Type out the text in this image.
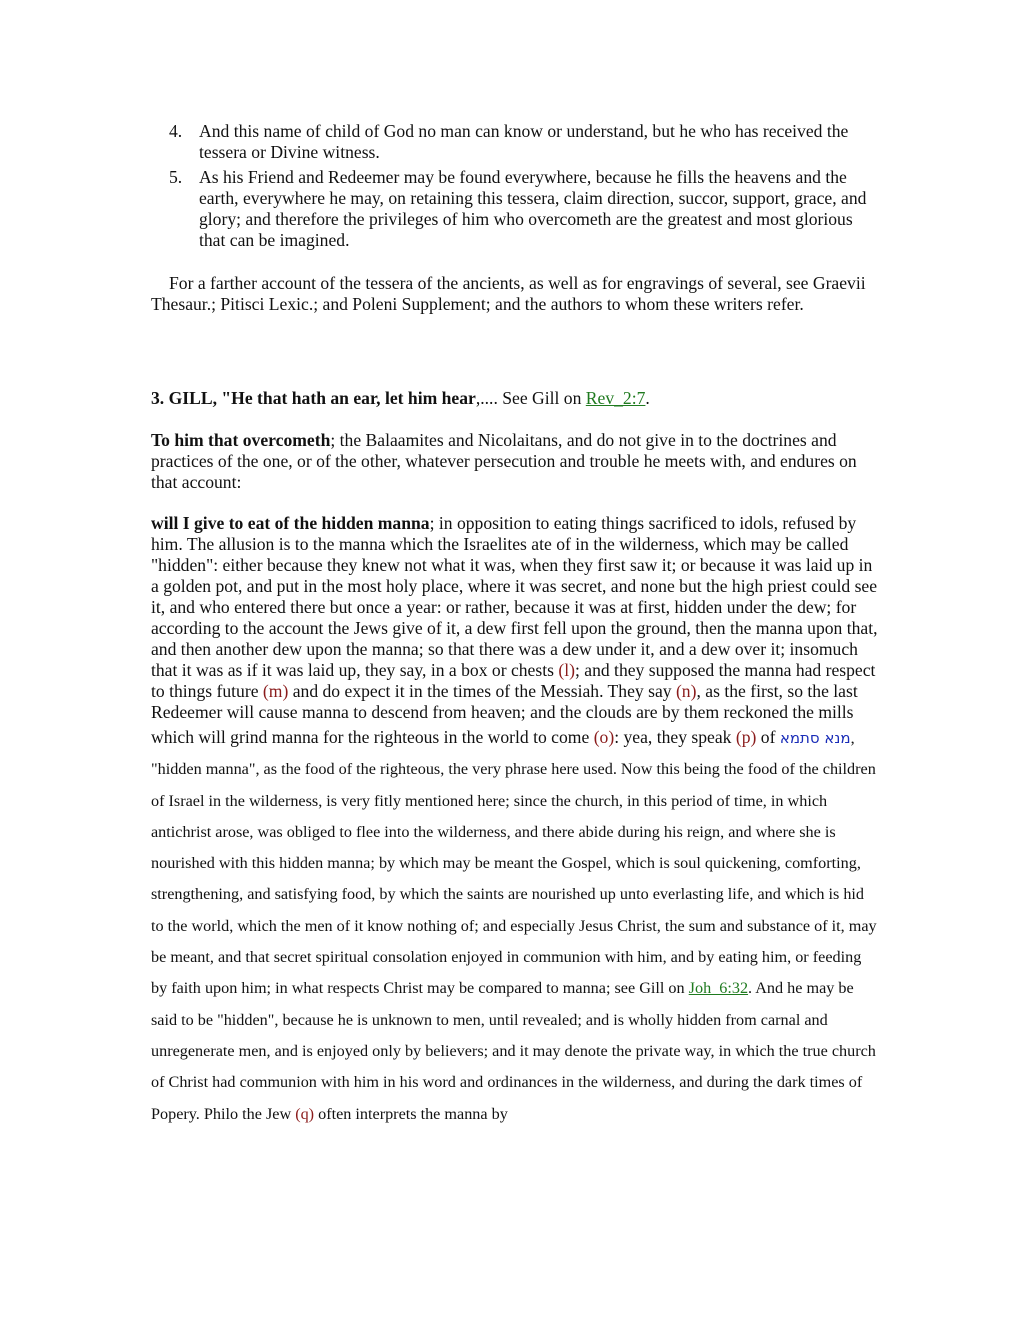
4. And this name of child of God no man can know or understand, but he who has received the tessera or Divine witness.
5. As his Friend and Redeemer may be found everywhere, because he fills the heavens and the earth, everywhere he may, on retaining this tessera, claim direction, succor, support, grace, and glory; and therefore the privileges of him who overcometh are the greatest and most glorious that can be imagined.

For a farther account of the tessera of the ancients, as well as for engravings of several, see Graevii Thesaur.; Pitisci Lexic.; and Poleni Supplement; and the authors to whom these writers refer.

3. GILL, "He that hath an ear, let him hear,.... See Gill on Rev_2:7.

To him that overcometh; the Balaamites and Nicolaitans, and do not give in to the doctrines and practices of the one, or of the other, whatever persecution and trouble he meets with, and endures on that account:

will I give to eat of the hidden manna; in opposition to eating things sacrificed to idols, refused by him. The allusion is to the manna which the Israelites ate of in the wilderness, which may be called "hidden": either because they knew not what it was, when they first saw it; or because it was laid up in a golden pot, and put in the most holy place, where it was secret, and none but the high priest could see it, and who entered there but once a year: or rather, because it was at first, hidden under the dew; for according to the account the Jews give of it, a dew first fell upon the ground, then the manna upon that, and then another dew upon the manna; so that there was a dew under it, and a dew over it; insomuch that it was as if it was laid up, they say, in a box or chests (l); and they supposed the manna had respect to things future (m) and do expect it in the times of the Messiah. They say (n), as the first, so the last Redeemer will cause manna to descend from heaven; and the clouds are by them reckoned the mills which will grind manna for the righteous in the world to come (o): yea, they speak (p) of מנא סתמא, "hidden manna", as the food of the righteous, the very phrase here used. Now this being the food of the children of Israel in the wilderness, is very fitly mentioned here; since the church, in this period of time, in which antichrist arose, was obliged to flee into the wilderness, and there abide during his reign, and where she is nourished with this hidden manna; by which may be meant the Gospel, which is soul quickening, comforting, strengthening, and satisfying food, by which the saints are nourished up unto everlasting life, and which is hid to the world, which the men of it know nothing of; and especially Jesus Christ, the sum and substance of it, may be meant, and that secret spiritual consolation enjoyed in communion with him, and by eating him, or feeding by faith upon him; in what respects Christ may be compared to manna; see Gill on Joh_6:32. And he may be said to be "hidden", because he is unknown to men, until revealed; and is wholly hidden from carnal and unregenerate men, and is enjoyed only by believers; and it may denote the private way, in which the true church of Christ had communion with him in his word and ordinances in the wilderness, and during the dark times of Popery. Philo the Jew (q) often interprets the manna by
